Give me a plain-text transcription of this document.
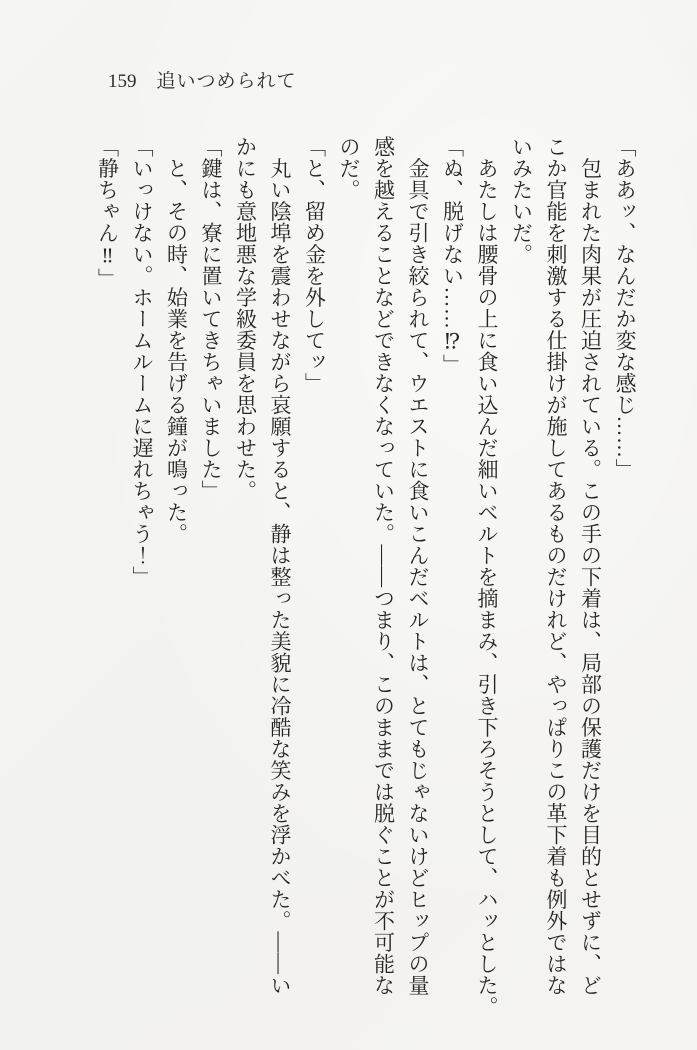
159 追いつめられて

「ああッ、なんだか変な感じ……」

　包まれた肉果が圧迫されている。この手の下着は、局部の保護だけを目的とせずに、ど

こか官能を刺激する仕掛けが施してあるものだけれど、やっぱりこの革下着も例外ではな

いみたいだ。

　あたしは腰骨の上に食い込んだ細いベルトを摘まみ、引き下ろそうとして、ハッとした。

「ぬ、脱げない……⁉」

　金具で引き絞られて、ウエストに食いこんだベルトは、とてもじゃないけどヒップの量

感を越えることなどできなくなっていた。——つまり、このままでは脱ぐことが不可能な

のだ。

「と、留め金を外してッ」

　丸い陰埠を震わせながら哀願すると、静は整った美貌に冷酷な笑みを浮かべた。——い

かにも意地悪な学級委員を思わせた。

「鍵は、寮に置いてきちゃいました」

　と、その時、始業を告げる鐘が鳴った。

「いっけない。ホームルームに遅れちゃう！」

「静ちゃん‼」
